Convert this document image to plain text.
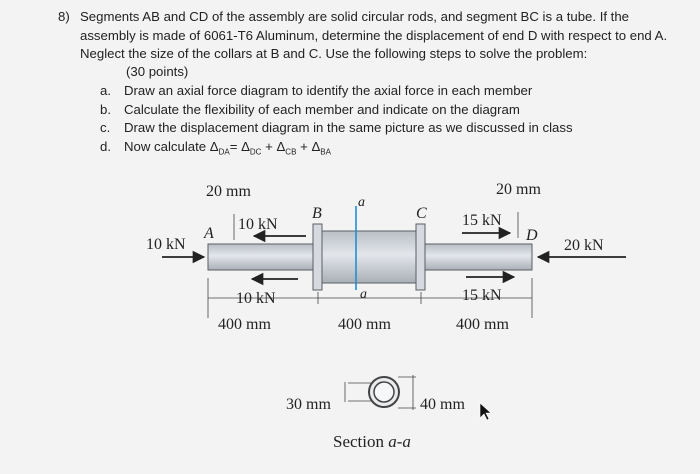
8) Segments AB and CD of the assembly are solid circular rods, and segment BC is a tube. If the assembly is made of 6061-T6 Aluminum, determine the displacement of end D with respect to end A. Neglect the size of the collars at B and C. Use the following steps to solve the problem:
(30 points)
a. Draw an axial force diagram to identify the axial force in each member
b. Calculate the flexibility of each member and indicate on the diagram
c.	Draw the displacement diagram in the same picture as we discussed in class
d. Now calculate $\Delta_{DA}= \Delta_{DC} + \Delta_{CB} + \Delta_{BA}$
20 mm	20 mm
10 kN
10 kN
10 kN
15 kN
15 kN
20 kN
A
B	C
D
a
a
400 mm	400 mm	400 mm
30 mm	40 mm
Section a-a
